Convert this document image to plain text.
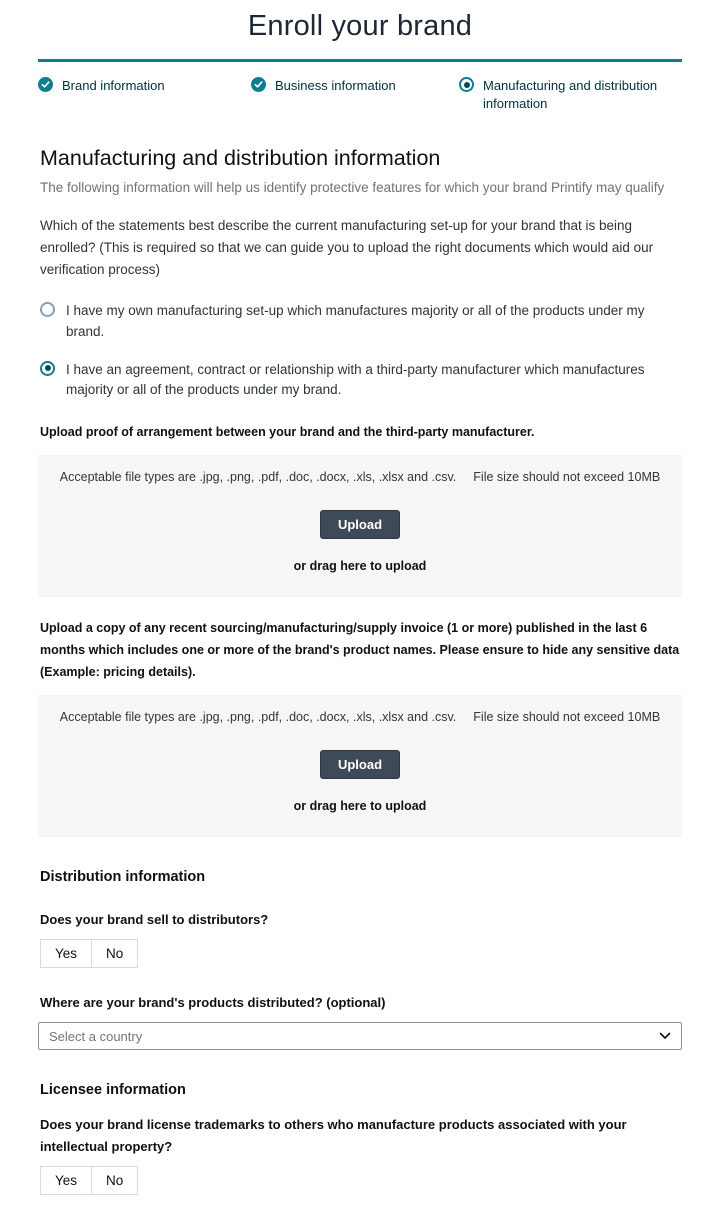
Enroll your brand
Brand information	Business information	Manufacturing and distribution information
Manufacturing and distribution information

The following information will help us identify protective features for which your brand Printify may qualify

Which of the statements best describe the current manufacturing set-up for your brand that is being enrolled? (This is required so that we can guide you to upload the right documents which would aid our verification process)

I have my own manufacturing set-up which manufactures majority or all of the products under my brand.
I have an agreement, contract or relationship with a third-party manufacturer which manufactures majority or all of the products under my brand.

Upload proof of arrangement between your brand and the third-party manufacturer.

Acceptable file types are .jpg, .png, .pdf, .doc, .docx, .xls, .xlsx and .csv. File size should not exceed 10MB
Upload
or drag here to upload

Upload a copy of any recent sourcing/manufacturing/supply invoice (1 or more) published in the last 6 months which includes one or more of the brand's product names. Please ensure to hide any sensitive data (Example: pricing details).

Acceptable file types are .jpg, .png, .pdf, .doc, .docx, .xls, .xlsx and .csv. File size should not exceed 10MB
Upload
or drag here to upload
Distribution information

Does your brand sell to distributors?

Yes	No

Where are your brand's products distributed? (optional)

Select a country
Licensee information

Does your brand license trademarks to others who manufacture products associated with your intellectual property?

Yes	No
